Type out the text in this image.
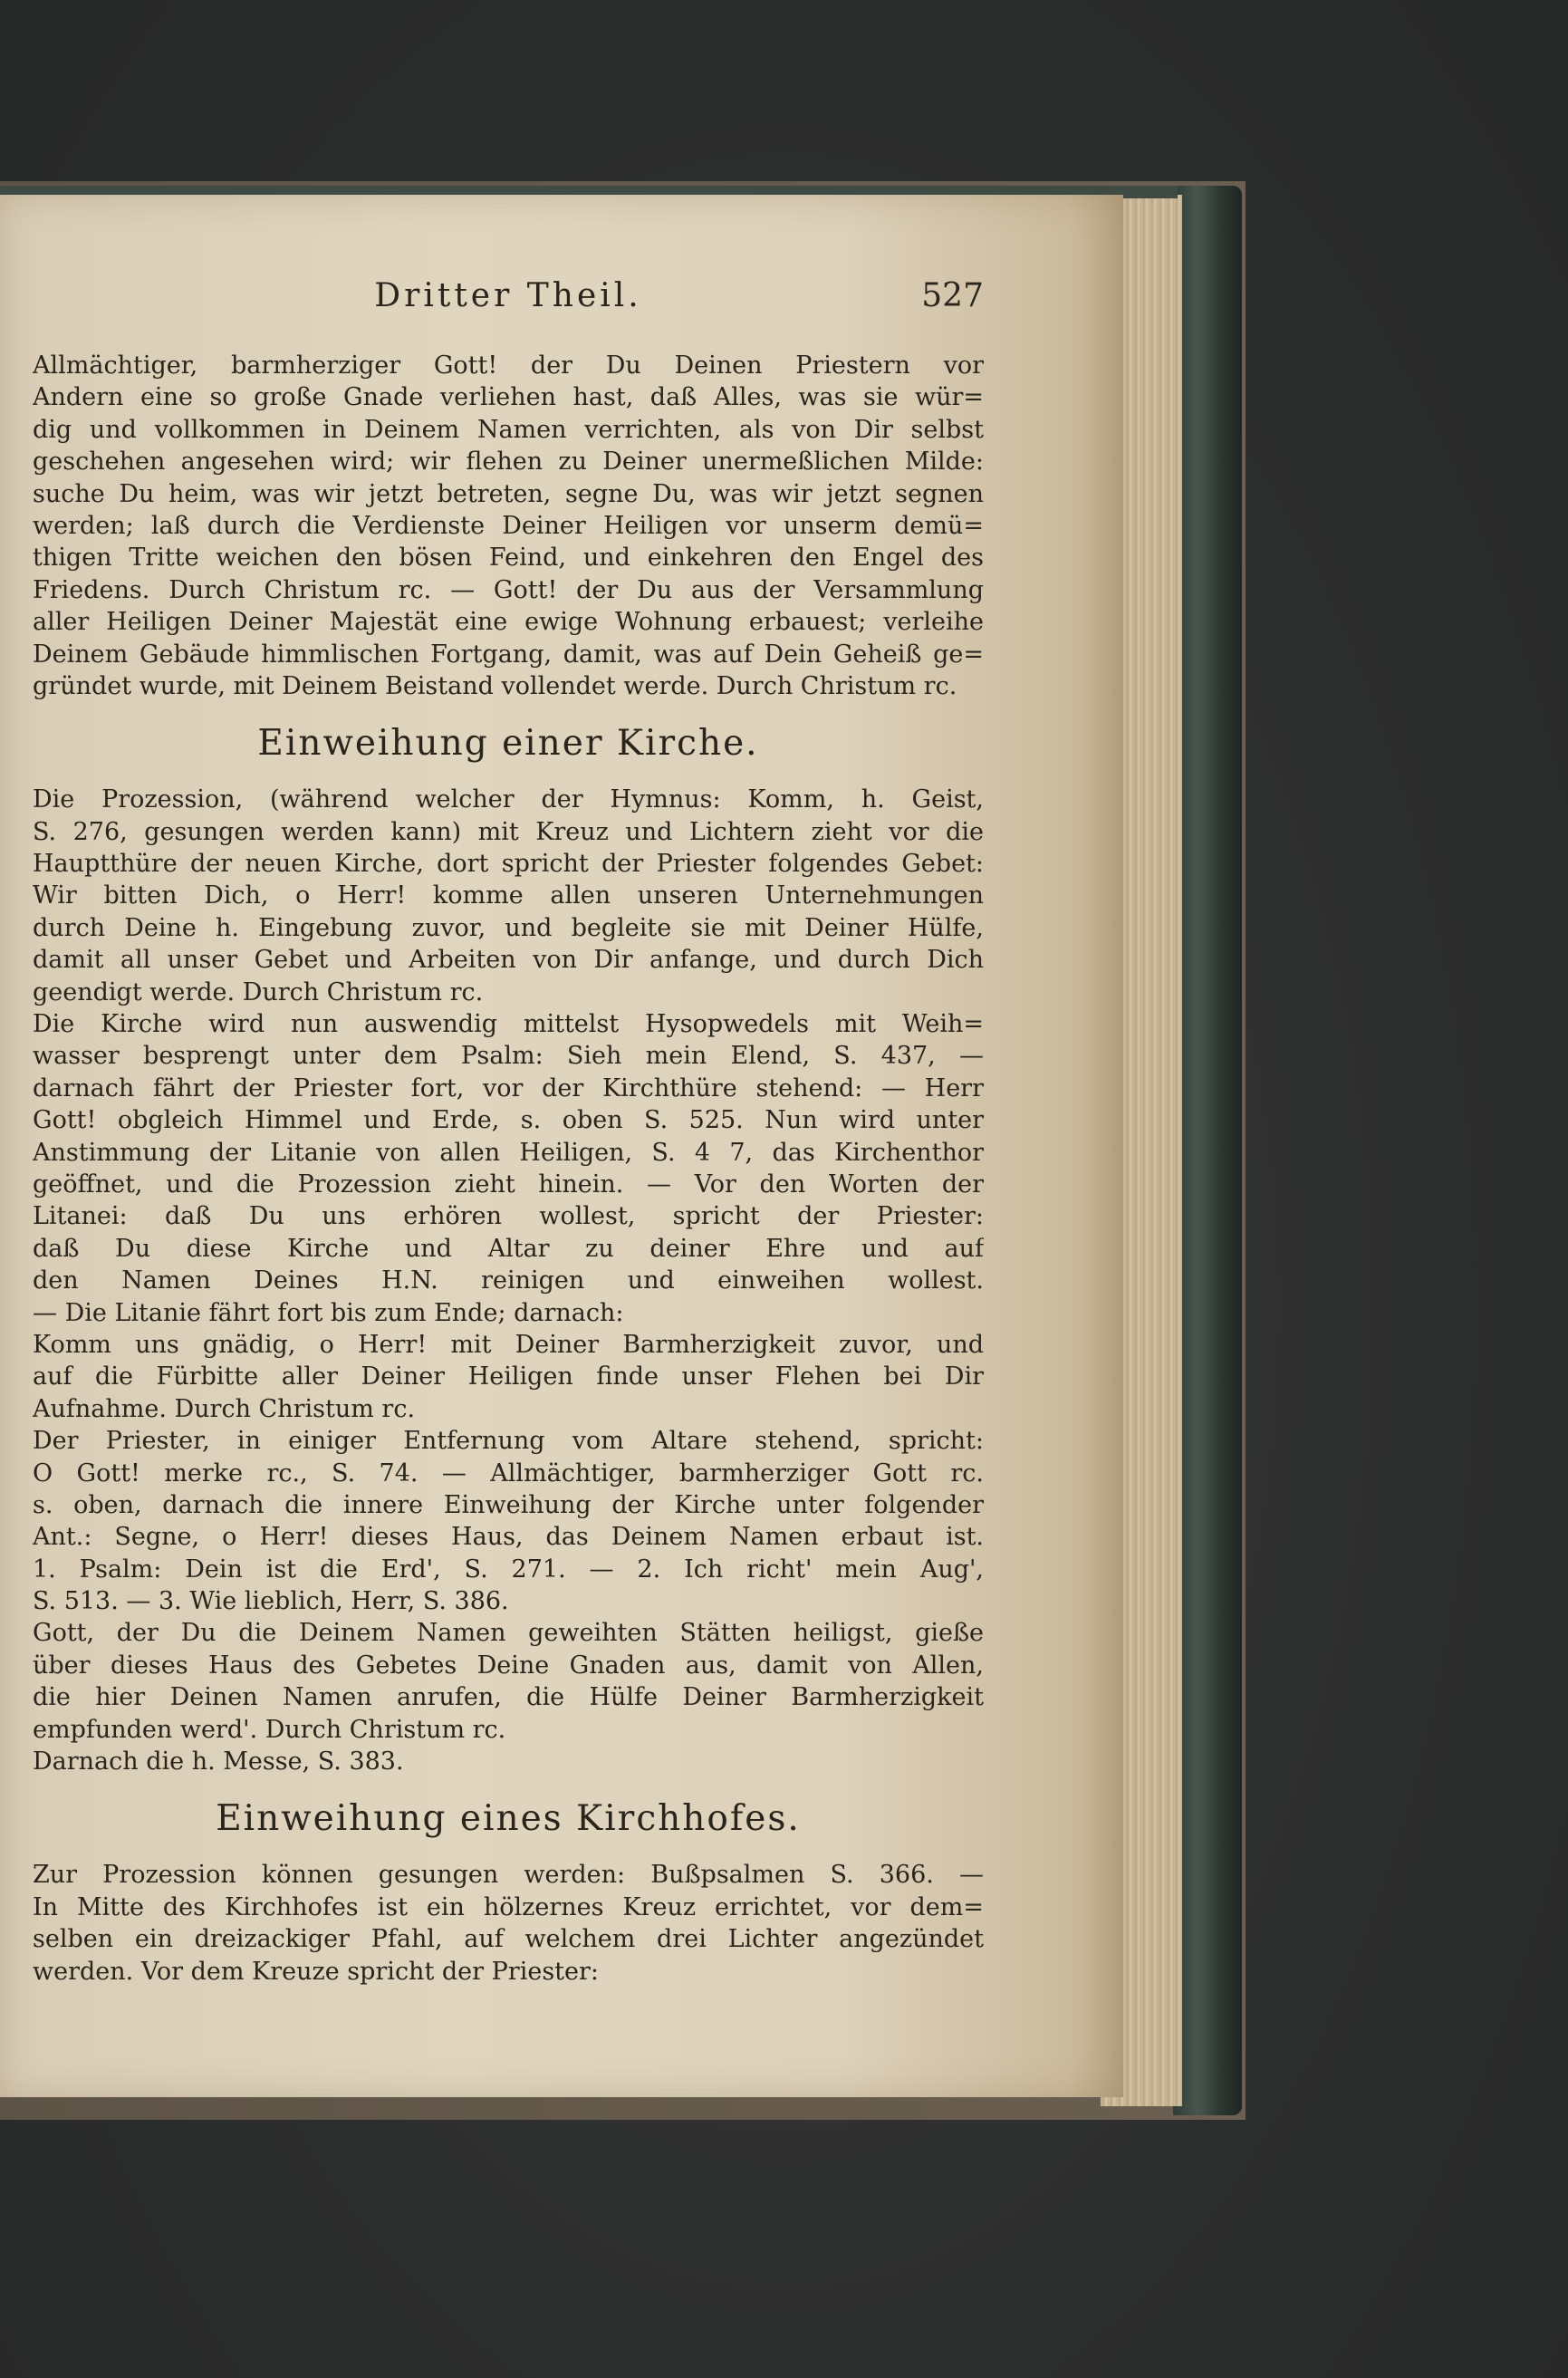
Dritter Theil.	527
Allmächtiger, barmherziger Gott! der Du Deinen Priestern vor
Andern eine so große Gnade verliehen hast, daß Alles, was sie wür=
dig und vollkommen in Deinem Namen verrichten, als von Dir selbst
geschehen angesehen wird; wir flehen zu Deiner unermeßlichen Milde:
suche Du heim, was wir jetzt betreten, segne Du, was wir jetzt segnen
werden; laß durch die Verdienste Deiner Heiligen vor unserm demü=
thigen Tritte weichen den bösen Feind, und einkehren den Engel des
Friedens. Durch Christum rc. — Gott! der Du aus der Versammlung
aller Heiligen Deiner Majestät eine ewige Wohnung erbauest; verleihe
Deinem Gebäude himmlischen Fortgang, damit, was auf Dein Geheiß ge=
gründet wurde, mit Deinem Beistand vollendet werde. Durch Christum rc.
Einweihung einer Kirche.
Die Prozession, (während welcher der Hymnus: Komm, h. Geist,
S. 276, gesungen werden kann) mit Kreuz und Lichtern zieht vor die
Hauptthüre der neuen Kirche, dort spricht der Priester folgendes Gebet:
Wir bitten Dich, o Herr! komme allen unseren Unternehmungen
durch Deine h. Eingebung zuvor, und begleite sie mit Deiner Hülfe,
damit all unser Gebet und Arbeiten von Dir anfange, und durch Dich
geendigt werde. Durch Christum rc.
Die Kirche wird nun auswendig mittelst Hysopwedels mit Weih=
wasser besprengt unter dem Psalm: Sieh mein Elend, S. 437, —
darnach fährt der Priester fort, vor der Kirchthüre stehend: — Herr
Gott! obgleich Himmel und Erde, s. oben S. 525. Nun wird unter
Anstimmung der Litanie von allen Heiligen, S. 4 7, das Kirchenthor
geöffnet, und die Prozession zieht hinein. — Vor den Worten der
Litanei: daß Du uns erhören wollest, spricht der Priester:
daß Du diese Kirche und Altar zu deiner Ehre und auf
den Namen Deines H.N. reinigen und einweihen wollest.
— Die Litanie fährt fort bis zum Ende; darnach:
Komm uns gnädig, o Herr! mit Deiner Barmherzigkeit zuvor, und
auf die Fürbitte aller Deiner Heiligen finde unser Flehen bei Dir
Aufnahme. Durch Christum rc.
Der Priester, in einiger Entfernung vom Altare stehend, spricht:
O Gott! merke rc., S. 74. — Allmächtiger, barmherziger Gott rc.
s. oben, darnach die innere Einweihung der Kirche unter folgender
Ant.: Segne, o Herr! dieses Haus, das Deinem Namen erbaut ist.
1. Psalm: Dein ist die Erd', S. 271. — 2. Ich richt' mein Aug',
S. 513. — 3. Wie lieblich, Herr, S. 386.
Gott, der Du die Deinem Namen geweihten Stätten heiligst, gieße
über dieses Haus des Gebetes Deine Gnaden aus, damit von Allen,
die hier Deinen Namen anrufen, die Hülfe Deiner Barmherzigkeit
empfunden werd'. Durch Christum rc.
Darnach die h. Messe, S. 383.
Einweihung eines Kirchhofes.
Zur Prozession können gesungen werden: Bußpsalmen S. 366. —
In Mitte des Kirchhofes ist ein hölzernes Kreuz errichtet, vor dem=
selben ein dreizackiger Pfahl, auf welchem drei Lichter angezündet
werden. Vor dem Kreuze spricht der Priester:
